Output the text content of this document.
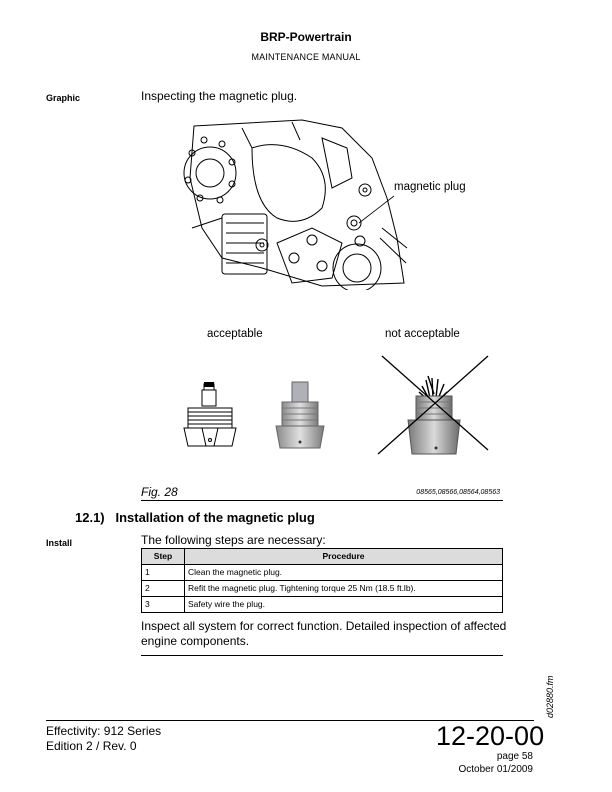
BRP-Powertrain
MAINTENANCE MANUAL
Graphic	Inspecting the magnetic plug.
magnetic plug
acceptable	not acceptable
Fig. 28	08565,08566,08564,08563
12.1)   Installation of the magnetic plug
Install	The following steps are necessary:
Step	Procedure
1	Clean the magnetic plug.
2	Refit the magnetic plug. Tightening torque 25 Nm (18.5 ft.lb).
3	Safety wire the plug.
Inspect all system for correct function. Detailed inspection of affected engine components.
d02880.fm
Effectivity: 912 Series
Edition 2 / Rev. 0	12-20-00
page 58
October 01/2009
